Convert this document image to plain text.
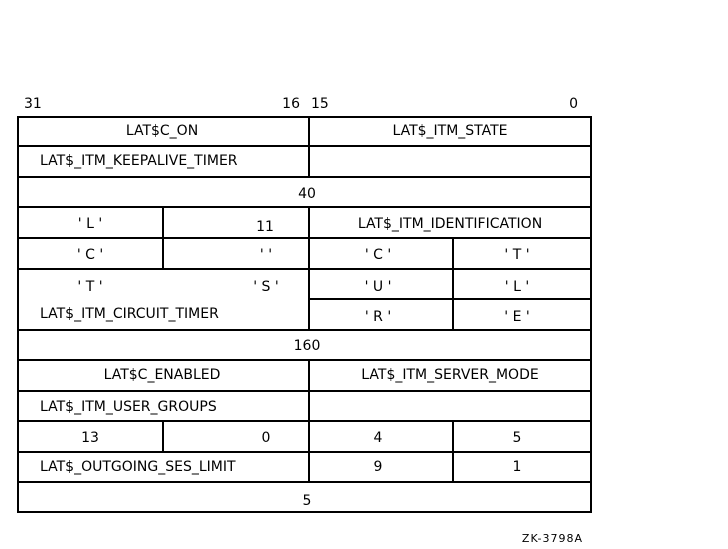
31	16 15	0
LAT$C_ON	LAT$_ITM_STATE
LAT$_ITM_KEEPALIVE_TIMER
40
' L '	11	LAT$_ITM_IDENTIFICATION
' C '	' '	' C '	' T '
' T '	' S '	' U '	' L '
LAT$_ITM_CIRCUIT_TIMER	' R '	' E '
160
LAT$C_ENABLED	LAT$_ITM_SERVER_MODE
LAT$_ITM_USER_GROUPS
13	0	4	5
LAT$_OUTGOING_SES_LIMIT	9	1
5
ZK-3798A
